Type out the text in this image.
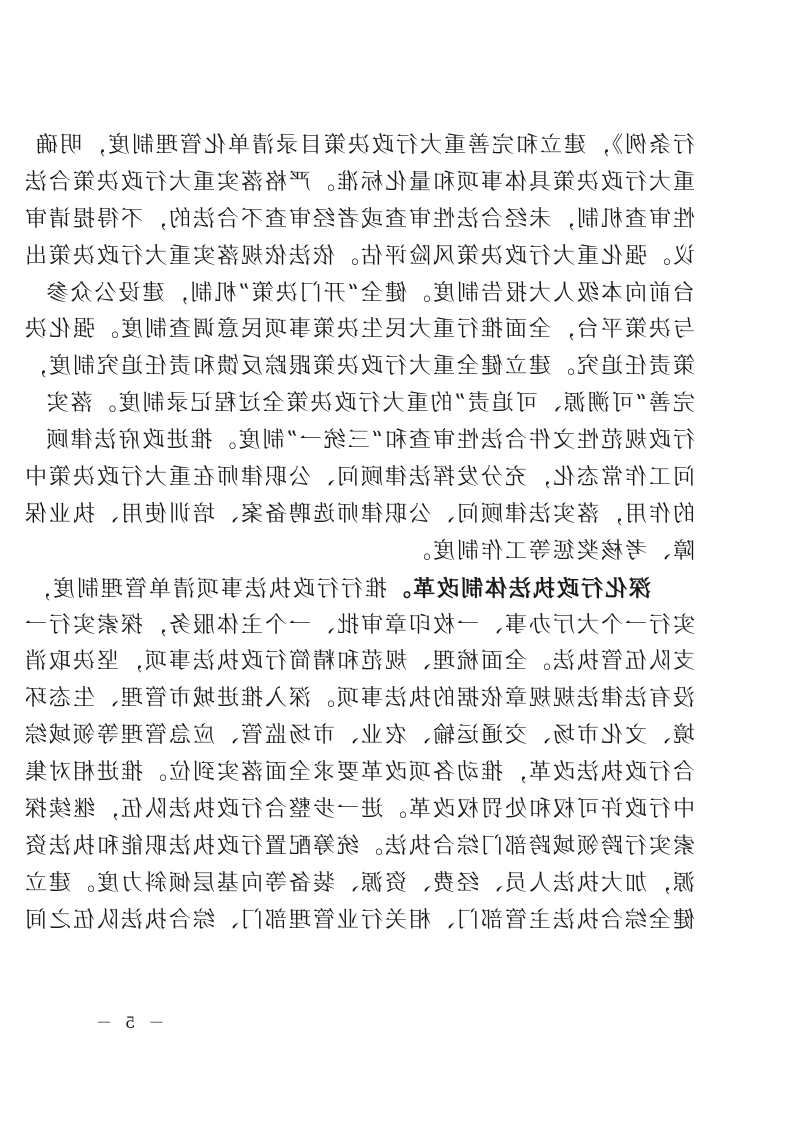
行条例》，建立和完善重大行政决策目录清单化管理制度，明确
重大行政决策具体事项和量化标准。严格落实重大行政决策合法
性审查机制，未经合法性审查或者经审查不合法的，不得提请审
议。强化重大行政决策风险评估。依法依规落实重大行政决策出
台前向本级人大报告制度。健全“开门决策”机制，建设公众参
与决策平台，全面推行重大民生决策事项民意调查制度。强化决
策责任追究。建立健全重大行政决策跟踪反馈和责任追究制度，
完善“可溯源、可追责”的重大行政决策全过程记录制度。落实
行政规范性文件合法性审查和“三统一”制度。推进政府法律顾
问工作常态化，充分发挥法律顾问、公职律师在重大行政决策中
的作用，落实法律顾问、公职律师选聘备案、培训使用、执业保
障、考核奖惩等工作制度。
深化行政执法体制改革。推行行政执法事项清单管理制度，
实行一个大厅办事、一枚印章审批、一个主体服务，探索实行一
支队伍管执法。全面梳理、规范和精简行政执法事项，坚决取消
没有法律法规规章依据的执法事项。深入推进城市管理、生态环
境、文化市场、交通运输、农业、市场监管、应急管理等领域综
合行政执法改革，推动各项改革要求全面落实到位。推进相对集
中行政许可权和处罚权改革。进一步整合行政执法队伍，继续探
索实行跨领域跨部门综合执法。统筹配置行政执法职能和执法资
源，加大执法人员、经费、资源、装备等向基层倾斜力度。建立
健全综合执法主管部门、相关行业管理部门、综合执法队伍之间
－ 5 －
